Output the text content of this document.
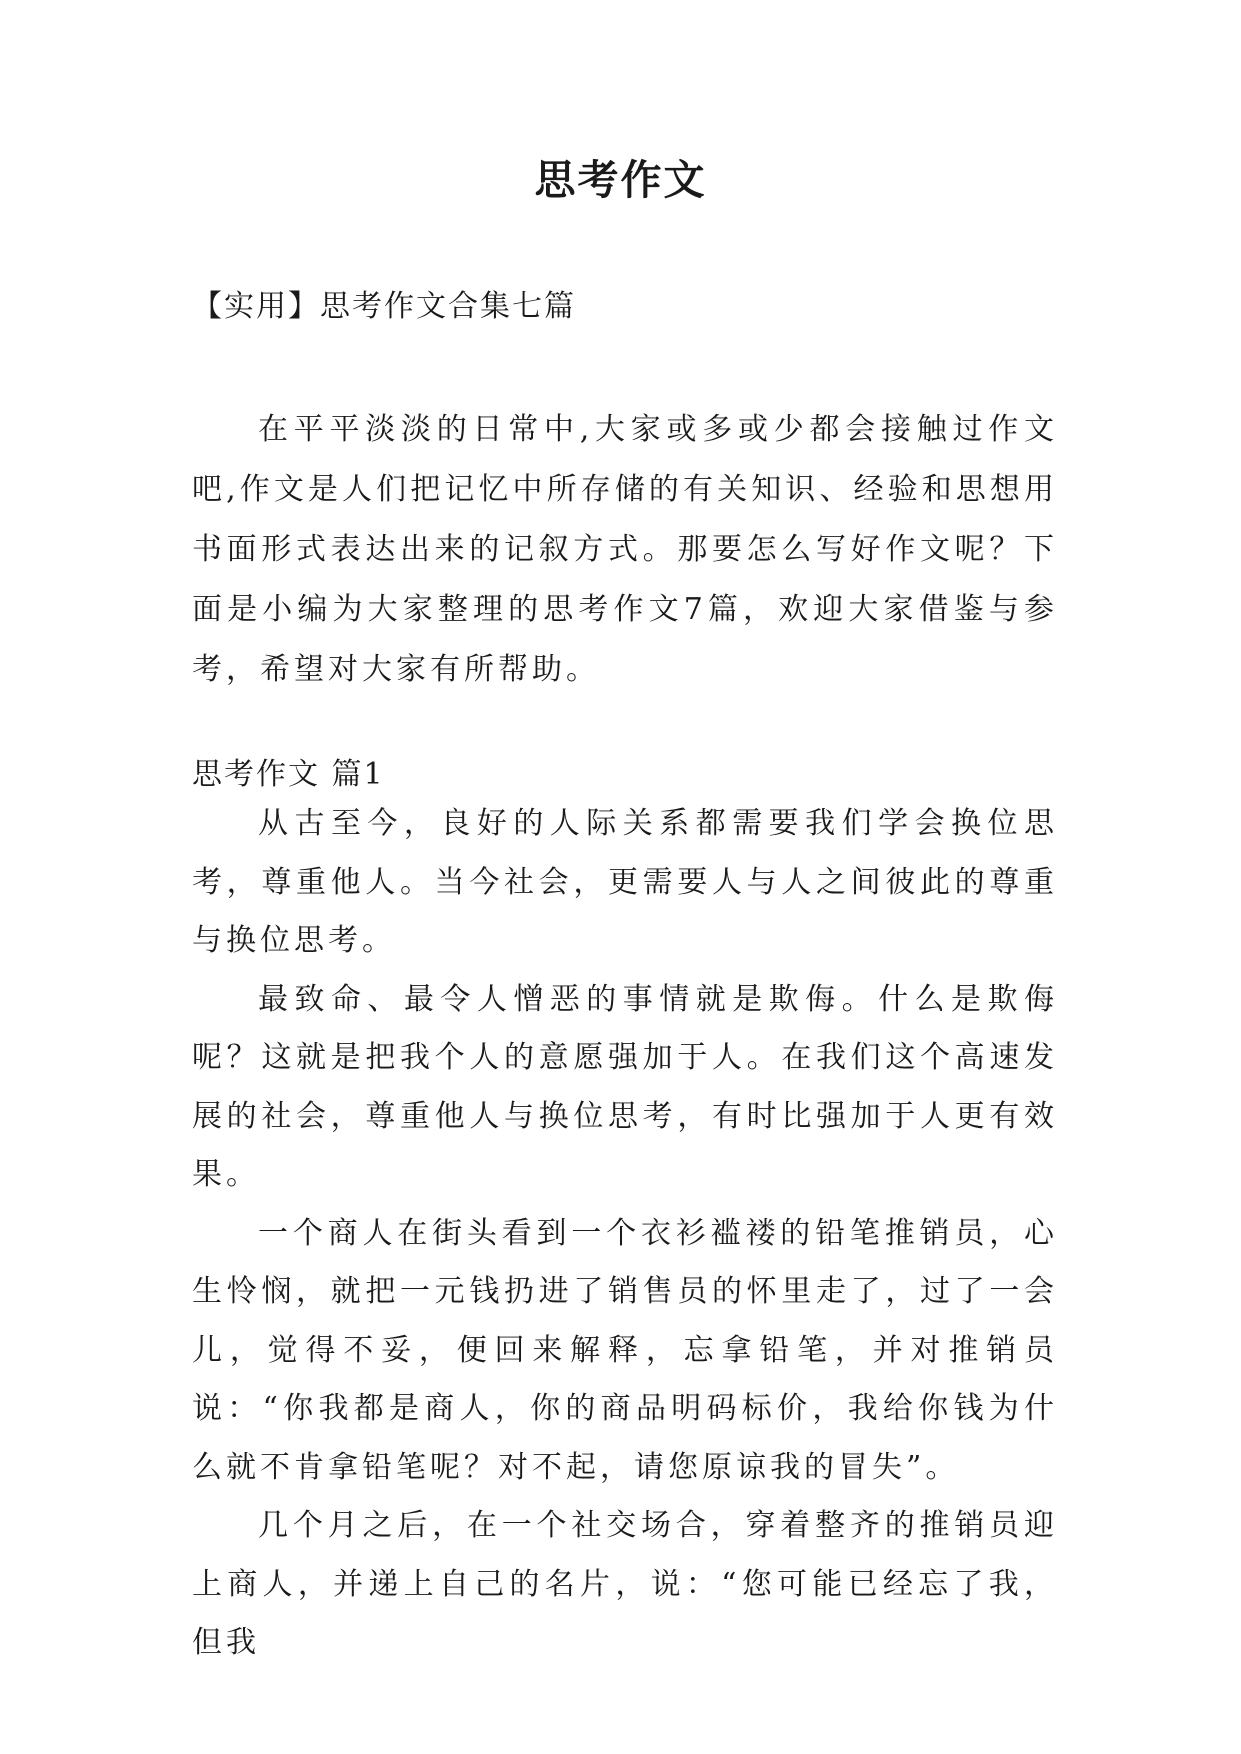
思考作文
【实用】思考作文合集七篇

在平平淡淡的日常中,大家或多或少都会接触过作文吧,作文是人们把记忆中所存储的有关知识、经验和思想用书面形式表达出来的记叙方式。那要怎么写好作文呢？下面是小编为大家整理的思考作文7篇，欢迎大家借鉴与参考，希望对大家有所帮助。

思考作文 篇1

从古至今，良好的人际关系都需要我们学会换位思考，尊重他人。当今社会，更需要人与人之间彼此的尊重与换位思考。

最致命、最令人憎恶的事情就是欺侮。什么是欺侮呢？这就是把我个人的意愿强加于人。在我们这个高速发展的社会，尊重他人与换位思考，有时比强加于人更有效果。

一个商人在街头看到一个衣衫褴褛的铅笔推销员，心生怜悯，就把一元钱扔进了销售员的怀里走了，过了一会儿，觉得不妥，便回来解释，忘拿铅笔，并对推销员说：“你我都是商人，你的商品明码标价，我给你钱为什么就不肯拿铅笔呢？对不起，请您原谅我的冒失”。

几个月之后，在一个社交场合，穿着整齐的推销员迎上商人，并递上自己的名片，说：“您可能已经忘了我，但我
